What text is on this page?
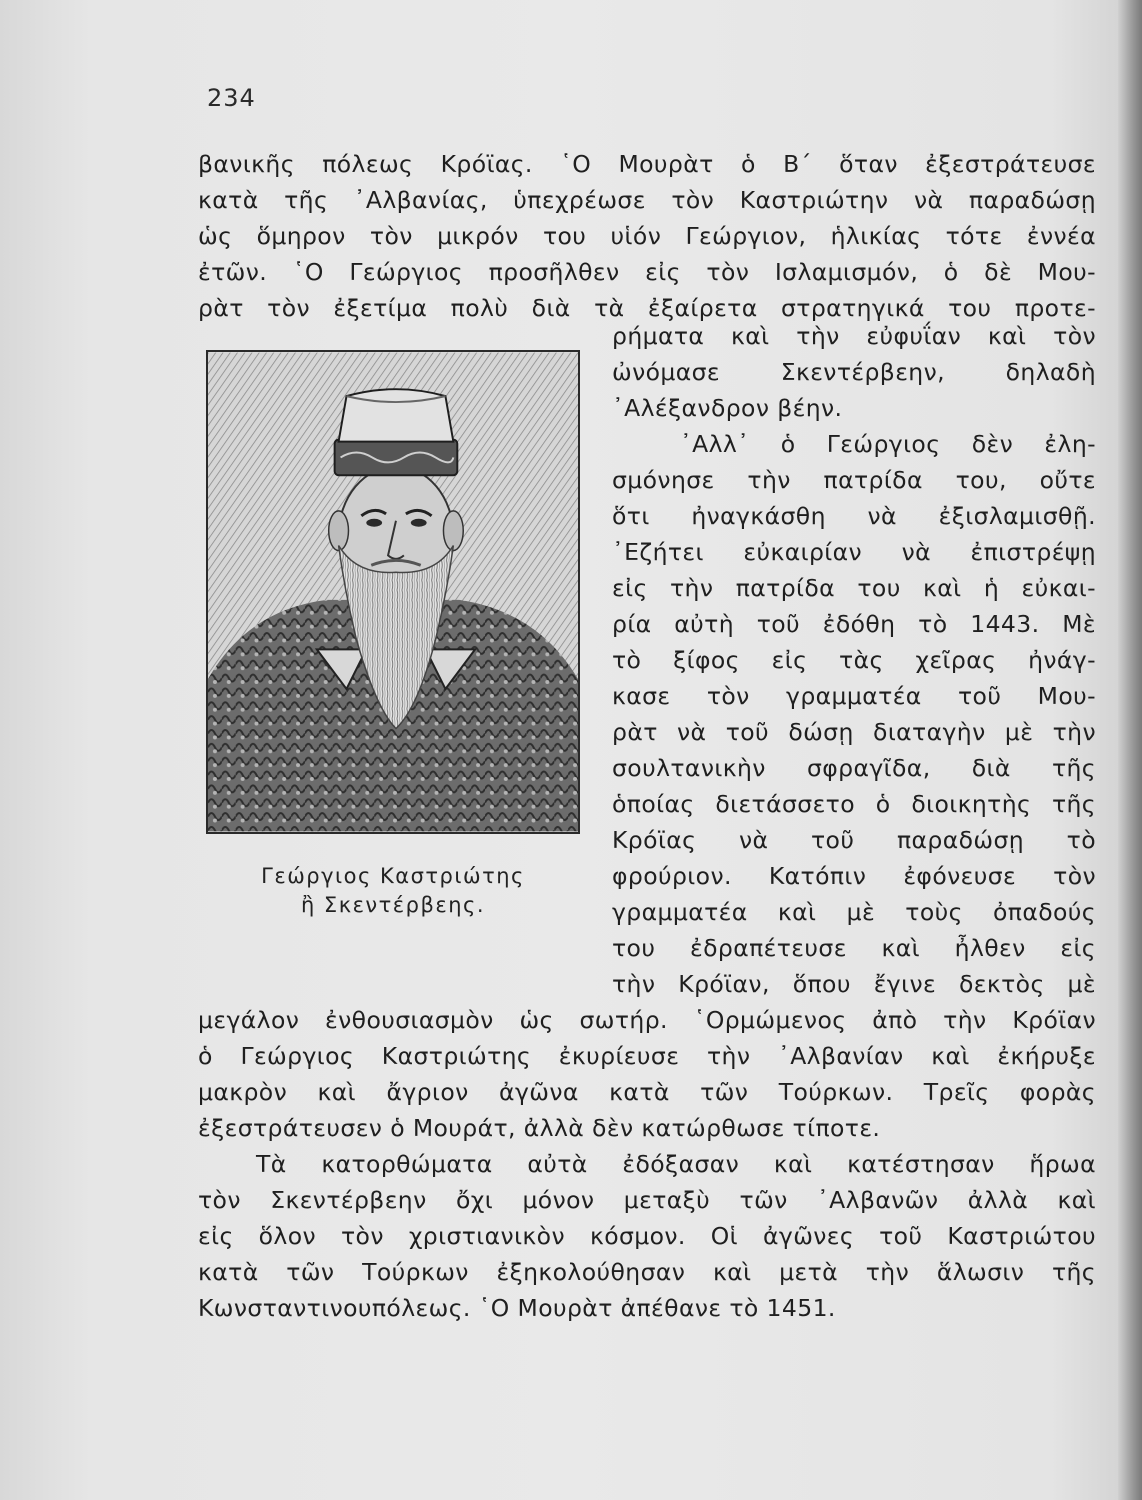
234

βανικῆς πόλεως Κρόϊας. ῾Ο Μουρὰτ ὁ Β΄ ὅταν ἐξεστράτευσε

κατὰ τῆς ᾿Αλβανίας, ὑπεχρέωσε τὸν Καστριώτην νὰ παραδώσῃ

ὡς ὅμηρον τὸν μικρόν του υἱόν Γεώργιον, ἡλικίας τότε ἐννέα

ἐτῶν. ῾Ο Γεώργιος προσῆλθεν εἰς τὸν Ισλαμισμόν, ὁ δὲ Μου-

ρὰτ τὸν ἐξετίμα πολὺ διὰ τὰ ἐξαίρετα στρατηγικά του προτε-

ρήματα καὶ τὴν εὐφυΐαν καὶ τὸν

ὠνόμασε Σκεντέρβεην, δηλαδὴ

᾿Αλέξανδρον βέην.

᾿Αλλ᾿ ὁ Γεώργιος δὲν ἐλη-

σμόνησε τὴν πατρίδα του, οὔτε

ὅτι ἠναγκάσθη νὰ ἐξισλαμισθῇ.

᾿Εζήτει εὐκαιρίαν νὰ ἐπιστρέψῃ

εἰς τὴν πατρίδα του καὶ ἡ εὐκαι-

ρία αὐτὴ τοῦ ἐδόθη τὸ 1443. Μὲ

τὸ ξίφος εἰς τὰς χεῖρας ἠνάγ-

κασε τὸν γραμματέα τοῦ Μου-

ρὰτ νὰ τοῦ δώσῃ διαταγὴν μὲ τὴν

σουλτανικὴν σφραγῖδα, διὰ τῆς

ὁποίας διετάσσετο ὁ διοικητὴς τῆς

Κρόϊας νὰ τοῦ παραδώσῃ τὸ

φρούριον. Κατόπιν ἐφόνευσε τὸν

γραμματέα καὶ μὲ τοὺς ὀπαδούς

του ἐδραπέτευσε καὶ ἦλθεν εἰς

τὴν Κρόϊαν, ὅπου ἔγινε δεκτὸς μὲ

Γεώργιος Καστριώτης

ἢ Σκεντέρβεης.

μεγάλον ἐνθουσιασμὸν ὡς σωτήρ. ῾Ορμώμενος ἀπὸ τὴν Κρόϊαν

ὁ Γεώργιος Καστριώτης ἐκυρίευσε τὴν ᾿Αλβανίαν καὶ ἐκήρυξε

μακρὸν καὶ ἄγριον ἀγῶνα κατὰ τῶν Τούρκων. Τρεῖς φορὰς

ἐξεστράτευσεν ὁ Μουράτ, ἀλλὰ δὲν κατώρθωσε τίποτε.

Τὰ κατορθώματα αὐτὰ ἐδόξασαν καὶ κατέστησαν ἥρωα

τὸν Σκεντέρβεην ὄχι μόνον μεταξὺ τῶν ᾿Αλβανῶν ἀλλὰ καὶ

εἰς ὅλον τὸν χριστιανικὸν κόσμον. Οἱ ἀγῶνες τοῦ Καστριώτου

κατὰ τῶν Τούρκων ἐξηκολούθησαν καὶ μετὰ τὴν ἅλωσιν τῆς

Κωνσταντινουπόλεως. ῾Ο Μουρὰτ ἀπέθανε τὸ 1451.
